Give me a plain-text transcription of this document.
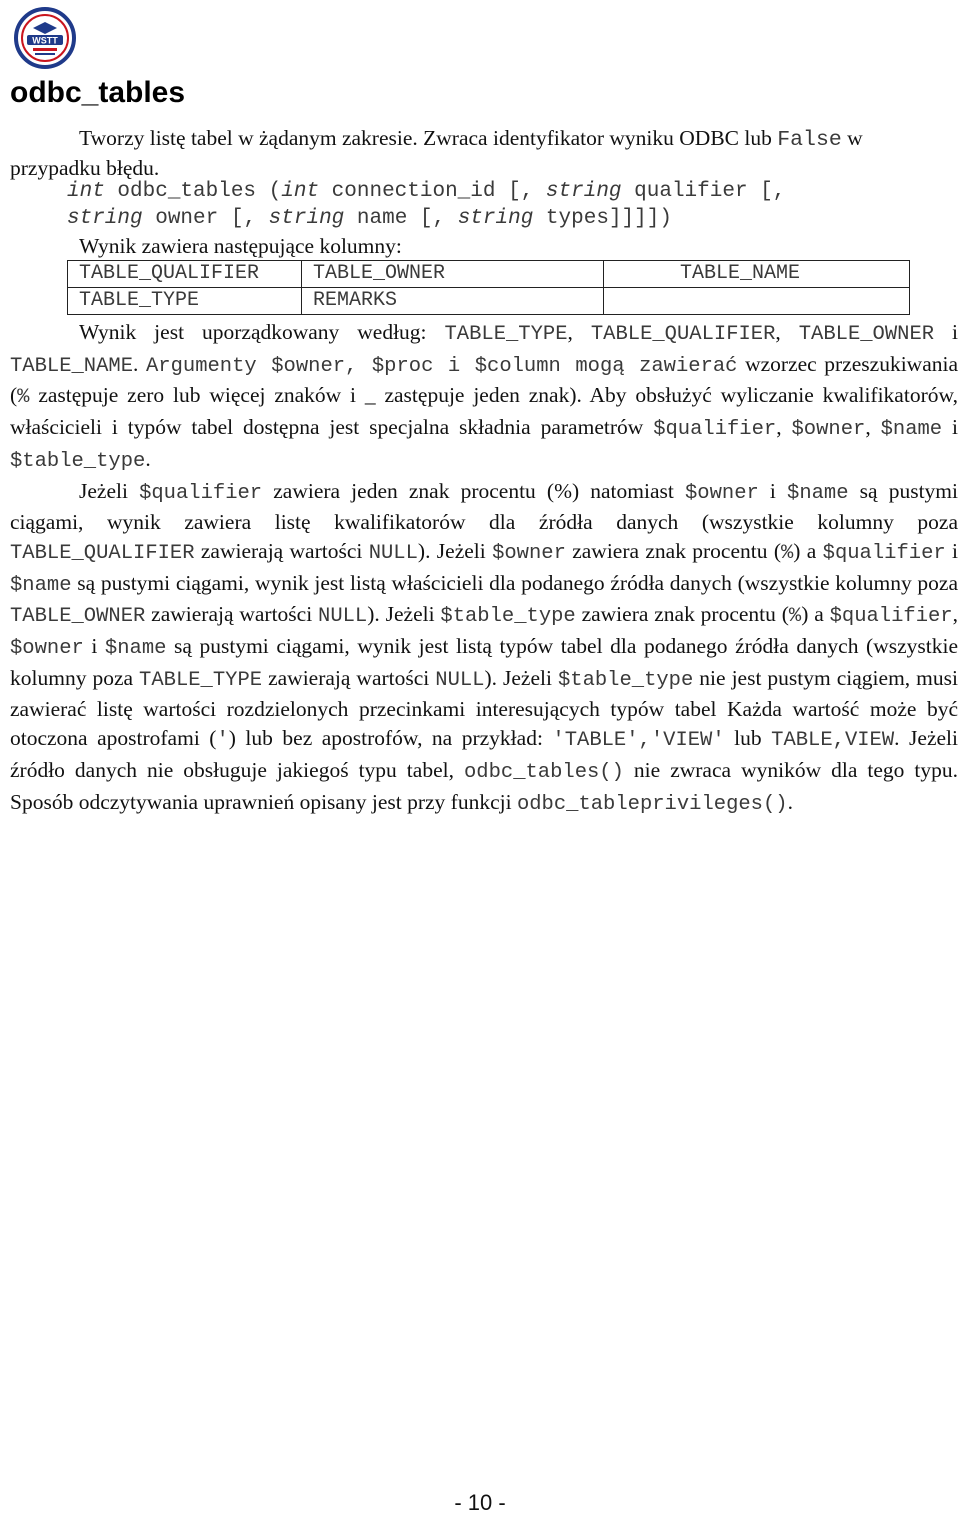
WSTT
odbc_tables

Tworzy listę tabel w żądanym zakresie. Zwraca identyfikator wyniku ODBC lub False w przypadku błędu.

int odbc_tables (int connection_id [, string qualifier [,
string owner [, string name [, string types]]]])

Wynik zawiera następujące kolumny:

TABLE_QUALIFIER	TABLE_OWNER	TABLE_NAME
TABLE_TYPE	REMARKS	

Wynik jest uporządkowany według: TABLE_TYPE, TABLE_QUALIFIER, TABLE_OWNER i TABLE_NAME. Argumenty $owner, $proc i $column mogą zawierać wzorzec przeszukiwania (% zastępuje zero lub więcej znaków i _ zastępuje jeden znak). Aby obsłużyć wyliczanie kwalifikatorów, właścicieli i typów tabel dostępna jest specjalna składnia parametrów $qualifier, $owner, $name i $table_type.

Jeżeli $qualifier zawiera jeden znak procentu (%) natomiast $owner i $name są pustymi ciągami, wynik zawiera listę kwalifikatorów dla źródła danych (wszystkie kolumny poza TABLE_QUALIFIER zawierają wartości NULL). Jeżeli $owner zawiera znak procentu (%) a $qualifier i $name są pustymi ciągami, wynik jest listą właścicieli dla podanego źródła danych (wszystkie kolumny poza TABLE_OWNER zawierają wartości NULL). Jeżeli $table_type zawiera znak procentu (%) a $qualifier, $owner i $name są pustymi ciągami, wynik jest listą typów tabel dla podanego źródła danych (wszystkie kolumny poza TABLE_TYPE zawierają wartości NULL). Jeżeli $table_type nie jest pustym ciągiem, musi zawierać listę wartości rozdzielonych przecinkami interesujących typów tabel Każda wartość może być otoczona apostrofami (') lub bez apostrofów, na przykład: 'TABLE','VIEW' lub TABLE,VIEW. Jeżeli źródło danych nie obsługuje jakiegoś typu tabel, odbc_tables() nie zwraca wyników dla tego typu. Sposób odczytywania uprawnień opisany jest przy funkcji odbc_tableprivileges().

- 10 -
